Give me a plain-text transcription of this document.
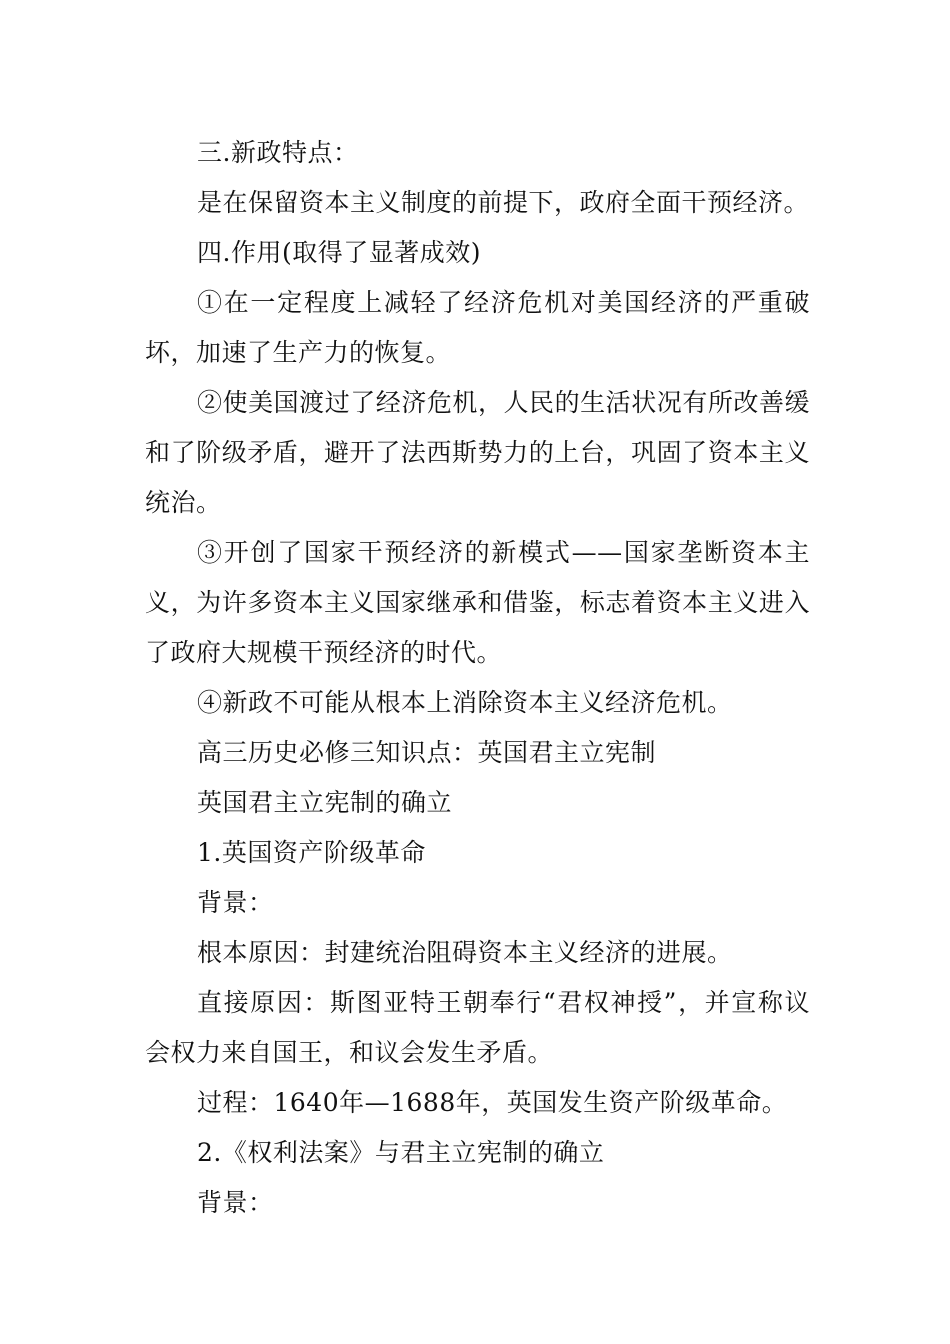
三.新政特点：

是在保留资本主义制度的前提下，政府全面干预经济。

四.作用(取得了显著成效)

①在一定程度上减轻了经济危机对美国经济的严重破坏，加速了生产力的恢复。

②使美国渡过了经济危机，人民的生活状况有所改善缓和了阶级矛盾，避开了法西斯势力的上台，巩固了资本主义统治。

③开创了国家干预经济的新模式——国家垄断资本主义，为许多资本主义国家继承和借鉴，标志着资本主义进入了政府大规模干预经济的时代。

④新政不可能从根本上消除资本主义经济危机。

高三历史必修三知识点：英国君主立宪制

英国君主立宪制的确立

1.英国资产阶级革命

背景：

根本原因：封建统治阻碍资本主义经济的进展。

直接原因：斯图亚特王朝奉行“君权神授”，并宣称议会权力来自国王，和议会发生矛盾。

过程：1640年—1688年，英国发生资产阶级革命。

2.《权利法案》与君主立宪制的确立

背景：
